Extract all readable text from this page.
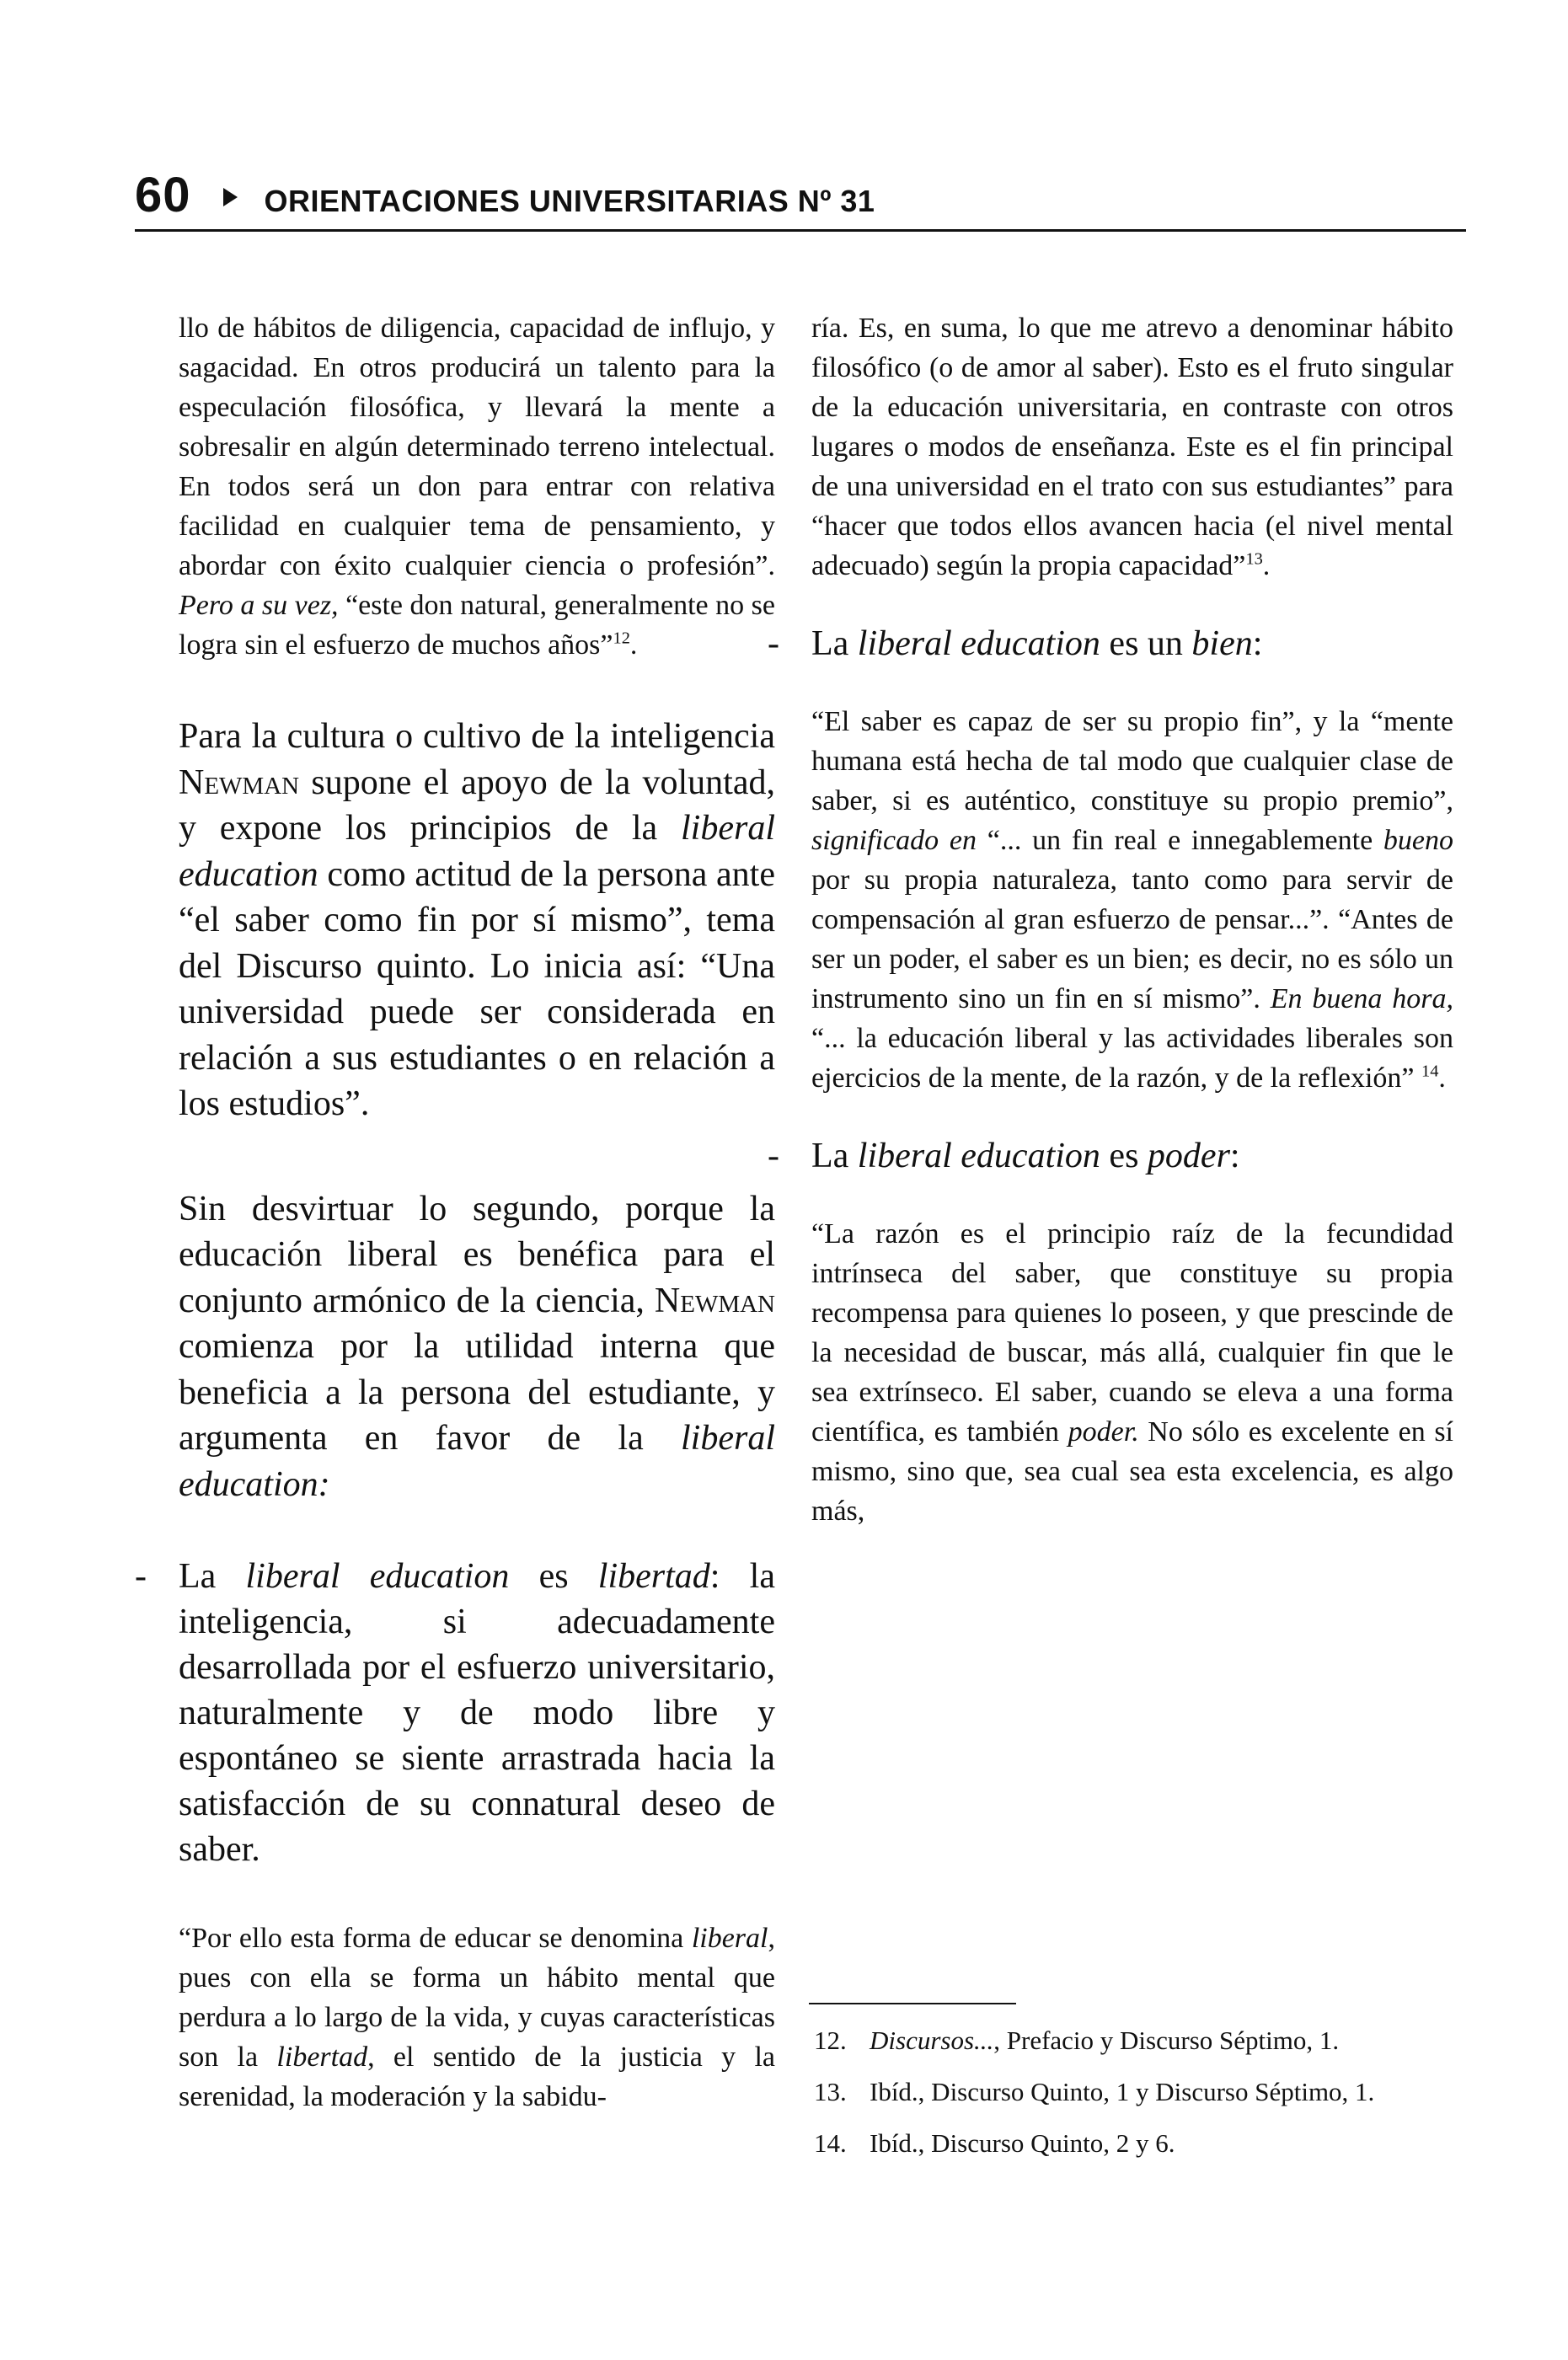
60 ORIENTACIONES UNIVERSITARIAS Nº 31

llo de hábitos de diligencia, capacidad de influjo, y sagacidad. En otros producirá un talento para la especulación filosófica, y llevará la mente a sobresalir en algún determinado terreno intelectual. En todos será un don para entrar con relativa facilidad en cualquier tema de pensamiento, y abordar con éxito cualquier ciencia o profesión”. Pero a su vez, “este don natural, generalmente no se logra sin el esfuerzo de muchos años”$^{12}$.

Para la cultura o cultivo de la inteligencia Newman supone el apoyo de la voluntad, y expone los principios de la liberal education como actitud de la persona ante “el saber como fin por sí mismo”, tema del Discurso quinto. Lo inicia así: “Una universidad puede ser considerada en relación a sus estudiantes o en relación a los estudios”.

Sin desvirtuar lo segundo, porque la educación liberal es benéfica para el conjunto armónico de la ciencia, Newman comienza por la utilidad interna que beneficia a la persona del estudiante, y argumenta en favor de la liberal education:

- La liberal education es libertad: la inteligencia, si adecuadamente desarrollada por el esfuerzo universitario, naturalmente y de modo libre y espontáneo se siente arrastrada hacia la satisfacción de su connatural deseo de saber.

“Por ello esta forma de educar se denomina liberal, pues con ella se forma un hábito mental que perdura a lo largo de la vida, y cuyas características son la libertad, el sentido de la justicia y la serenidad, la moderación y la sabidu-

ría. Es, en suma, lo que me atrevo a denominar hábito filosófico (o de amor al saber). Esto es el fruto singular de la educación universitaria, en contraste con otros lugares o modos de enseñanza. Este es el fin principal de una universidad en el trato con sus estudiantes” para “hacer que todos ellos avancen hacia (el nivel mental adecuado) según la propia capacidad”$^{13}$.

- La liberal education es un bien:

“El saber es capaz de ser su propio fin”, y la “mente humana está hecha de tal modo que cualquier clase de saber, si es auténtico, constituye su propio premio”, significado en “... un fin real e innegablemente bueno por su propia naturaleza, tanto como para servir de compensación al gran esfuerzo de pensar...”. “Antes de ser un poder, el saber es un bien; es decir, no es sólo un instrumento sino un fin en sí mismo”. En buena hora, “... la educación liberal y las actividades liberales son ejercicios de la mente, de la razón, y de la reflexión” $^{14}$.

- La liberal education es poder:

“La razón es el principio raíz de la fecundidad intrínseca del saber, que constituye su propia recompensa para quienes lo poseen, y que prescinde de la necesidad de buscar, más allá, cualquier fin que le sea extrínseco. El saber, cuando se eleva a una forma científica, es también poder. No sólo es excelente en sí mismo, sino que, sea cual sea esta excelencia, es algo más,

12. Discursos..., Prefacio y Discurso Séptimo, 1.
13. Ibíd., Discurso Quinto, 1 y Discurso Séptimo, 1.
14. Ibíd., Discurso Quinto, 2 y 6.
